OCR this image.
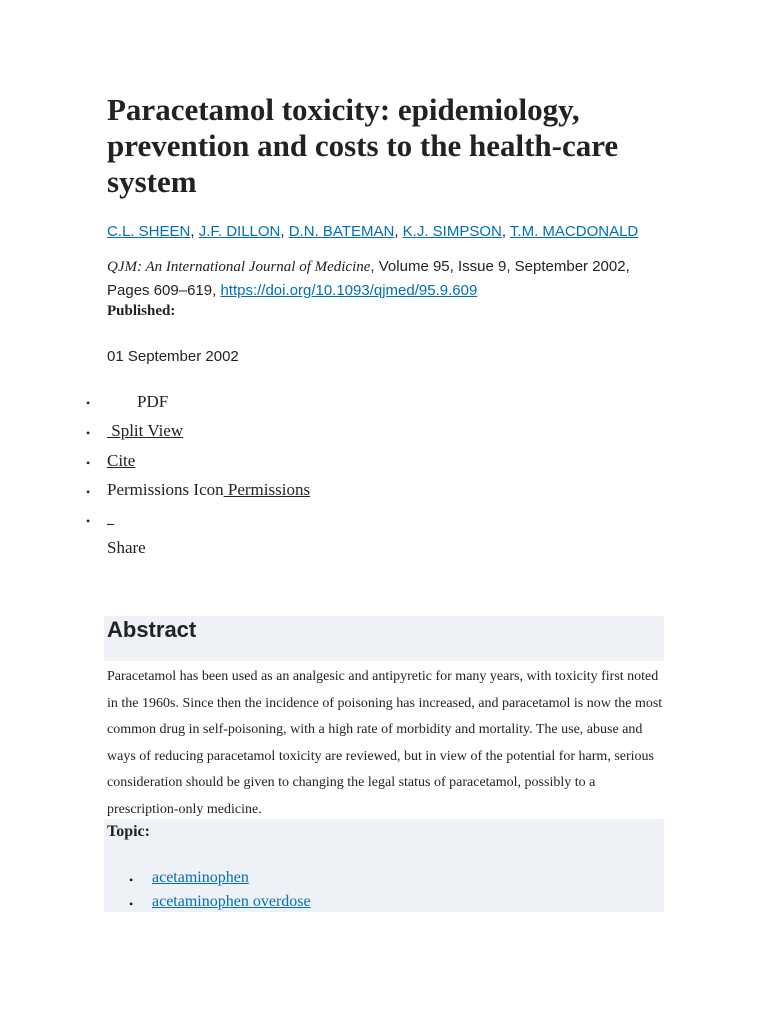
Paracetamol toxicity: epidemiology, prevention and costs to the health-care system
C.L. SHEEN, J.F. DILLON, D.N. BATEMAN, K.J. SIMPSON, T.M. MACDONALD
QJM: An International Journal of Medicine, Volume 95, Issue 9, September 2002, Pages 609–619, https://doi.org/10.1093/qjmed/95.9.609
Published:
01 September 2002
•	PDF
• Split View
• Cite
• Permissions Icon Permissions
• _
Share
Abstract

Paracetamol has been used as an analgesic and antipyretic for many years, with toxicity first noted in the 1960s. Since then the incidence of poisoning has increased, and paracetamol is now the most common drug in self-poisoning, with a high rate of morbidity and mortality. The use, abuse and ways of reducing paracetamol toxicity are reviewed, but in view of the potential for harm, serious consideration should be given to changing the legal status of paracetamol, possibly to a prescription-only medicine.

Topic:
• acetaminophen
• acetaminophen overdose
